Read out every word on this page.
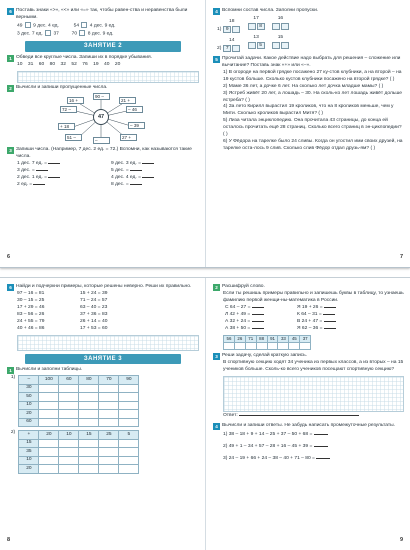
6 Поставь знаки «>», «<» или «=» так, чтобы равен-ства и неравенства были верными.
49 9 дес. 4 ед.	54 4 дес. 9 ед.
3 дес. 7 ед. 37	70 8 дес. 9 ед.
ЗАНЯТИЕ 2
1 Обведи все круглые числа. Запиши их в порядке убывания.
10    31    60    80    32    52    76    19    40    20
2 Вычисли и запиши пропущенные числа.
90 –
21 +
16 +
– 46
72 –
+ 18	– 39
51 –	27 +
–
47
3 Запиши числа. (Например, 7 дес. 2 ед. = 72.) Вспомни, как называются такие числа.
1 дес. 7 ед. =
3 дес. =
2 дес. 1 ед. =
2 ед. =
9 дес. 3 ед. =
5 дес. =
4 дес. 4 ед. =
8 дес. =
6
4 Вспомни состав числа. Заполни пропуски.
1)
18
9

17
8

16
2)
14
7

13
5

15
5 Прочитай задачи. Какое действие надо выбрать для решения – сложение или вычитание? Поставь знак «+» или «–».
1) В огороде на первой грядке посажено 27 ку-стов клубники, а на второй – на 19 кустов больше. Сколько кустов клубники посажено на второй грядке? ( )
2) Маме 36 лет, а дочке 6 лет. На сколько лет дочка младше мамы? ( )
3) Ястреб живёт 20 лет, а лошадь – 30. На сколь-ко лет лошадь живёт дольше ястреба? ( )
4) За лето Кирилл вырастил 19 кроликов, что на 8 кроликов меньше, чем у Мити. Сколько кроликов вырастил Митя? ( )
5) Лиза читала энциклопедию. Она прочитала 43 страницы, до конца ей осталось прочитать ещё 28 страниц. Сколько всего страниц в эн-циклопедии? ( )
6) У Фёдора на тарелке было 24 сливы. Когда он угостил ими своих друзей, на тарелке оста-лось 9 слив. Сколько слив Фёдор отдал друзь-ям? ( )
7
6 Найди и подчеркни примеры, которые решены неверно. Реши их правильно.
97 – 16 = 81
30 – 15 = 25
17 + 29 = 46
83 – 56 = 26
24 + 55 = 79
40 + 46 = 86
15 + 24 = 39
71 – 24 = 57
63 – 40 = 23
37 + 36 = 83
26 + 14 = 40
17 + 53 = 60
ЗАНЯТИЕ 3
1 Вычисли и заполни таблицы.
1)	–	100	60	80	70	90
30					
50					
10					
20					
60					
2)	+	20	10	15	25	5
15					
35					
10					
20					
8
2 Расшифруй слово.
Если ты решишь примеры правильно и запишешь буквы в таблицу, то узнаешь фамилию первой женщи-ны-математика в России.
С 64 – 27 =
Л 42 + 49 =
А 32 + 24 =
А 38 + 50 =
Я 19 + 26 =
К 64 – 31 =
В 24 + 47 =
Я 62 – 36 =
56	26	71	88	91	33	45	37

3 Реши задачу, сделай краткую запись.
В спортивную секцию ходят 34 ученика из первых классов, а из вторых – на 15 учеников больше. Сколь-ко всего учеников посещают спортивную секцию?
Ответ:
4 Вычисли и запиши ответы. Не забудь написать промежуточные результаты.
1) 38 – 18 + 9 + 14 – 25 + 37 – 50 + 68 =
2) 49 + 1 – 34 + 57 – 28 + 16 – 45 + 39 =
3) 24 – 19 + 66 + 24 – 38 – 40 + 71 – 80 =
9
